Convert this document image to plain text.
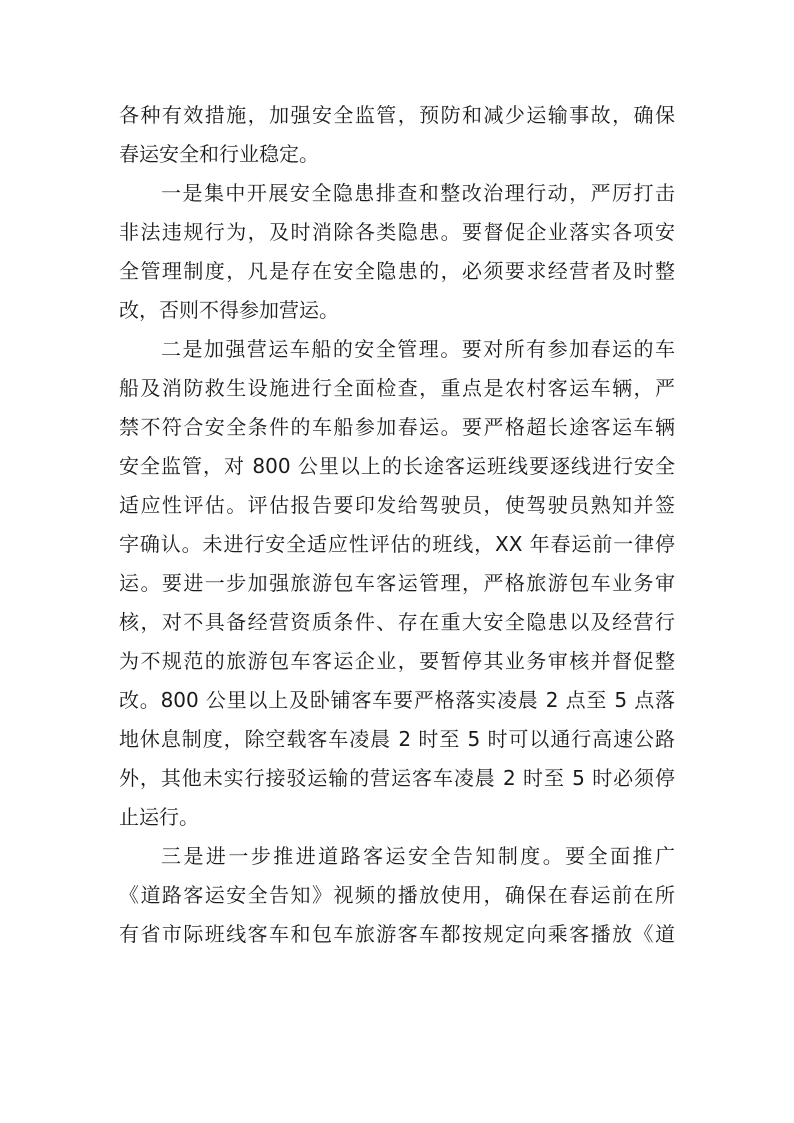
各种有效措施，加强安全监管，预防和减少运输事故，确保
春运安全和行业稳定。

一是集中开展安全隐患排查和整改治理行动，严厉打击
非法违规行为，及时消除各类隐患。要督促企业落实各项安
全管理制度，凡是存在安全隐患的，必须要求经营者及时整
改，否则不得参加营运。

二是加强营运车船的安全管理。要对所有参加春运的车
船及消防救生设施进行全面检查，重点是农村客运车辆，严
禁不符合安全条件的车船参加春运。要严格超长途客运车辆
安全监管，对 800 公里以上的长途客运班线要逐线进行安全
适应性评估。评估报告要印发给驾驶员，使驾驶员熟知并签
字确认。未进行安全适应性评估的班线，XX 年春运前一律停
运。要进一步加强旅游包车客运管理，严格旅游包车业务审
核，对不具备经营资质条件、存在重大安全隐患以及经营行
为不规范的旅游包车客运企业，要暂停其业务审核并督促整
改。800 公里以上及卧铺客车要严格落实凌晨 2 点至 5 点落
地休息制度，除空载客车凌晨 2 时至 5 时可以通行高速公路
外，其他未实行接驳运输的营运客车凌晨 2 时至 5 时必须停
止运行。

三是进一步推进道路客运安全告知制度。要全面推广
《道路客运安全告知》视频的播放使用，确保在春运前在所
有省市际班线客车和包车旅游客车都按规定向乘客播放《道
